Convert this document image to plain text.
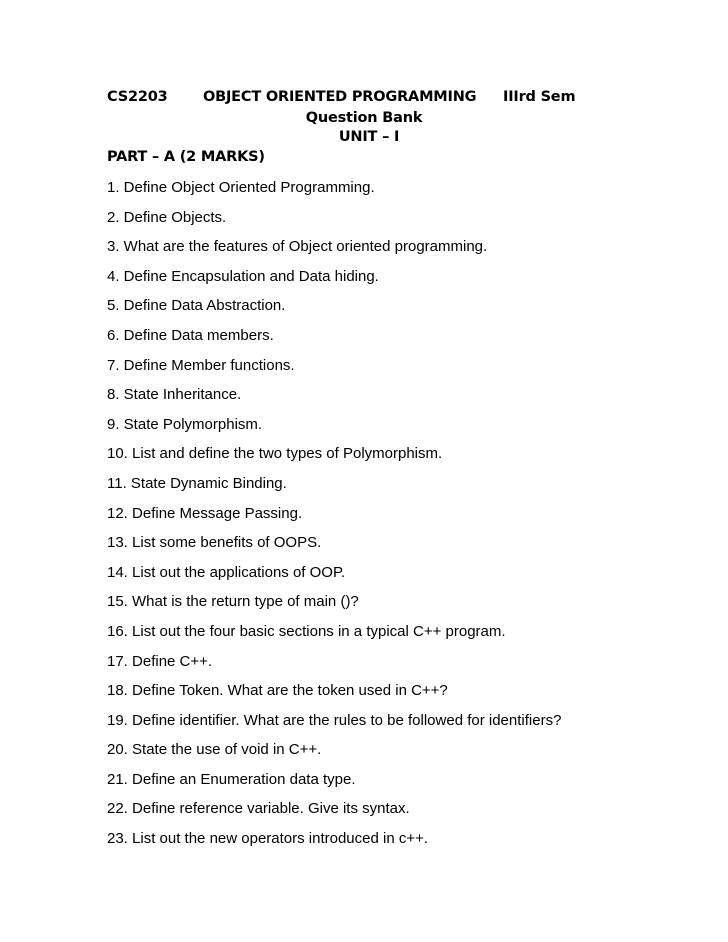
CS2203 OBJECT ORIENTED PROGRAMMING IIIrd Sem
Question Bank
UNIT – I
PART – A (2 MARKS)
1. Define Object Oriented Programming.
2. Define Objects.
3. What are the features of Object oriented programming.
4. Define Encapsulation and Data hiding.
5. Define Data Abstraction.
6. Define Data members.
7. Define Member functions.
8. State Inheritance.
9. State Polymorphism.
10. List and define the two types of Polymorphism.
11. State Dynamic Binding.
12. Define Message Passing.
13. List some benefits of OOPS.
14. List out the applications of OOP.
15. What is the return type of main ()?
16. List out the four basic sections in a typical C++ program.
17. Define C++.
18. Define Token. What are the token used in C++?
19. Define identifier. What are the rules to be followed for identifiers?
20. State the use of void in C++.
21. Define an Enumeration data type.
22. Define reference variable. Give its syntax.
23. List out the new operators introduced in c++.
